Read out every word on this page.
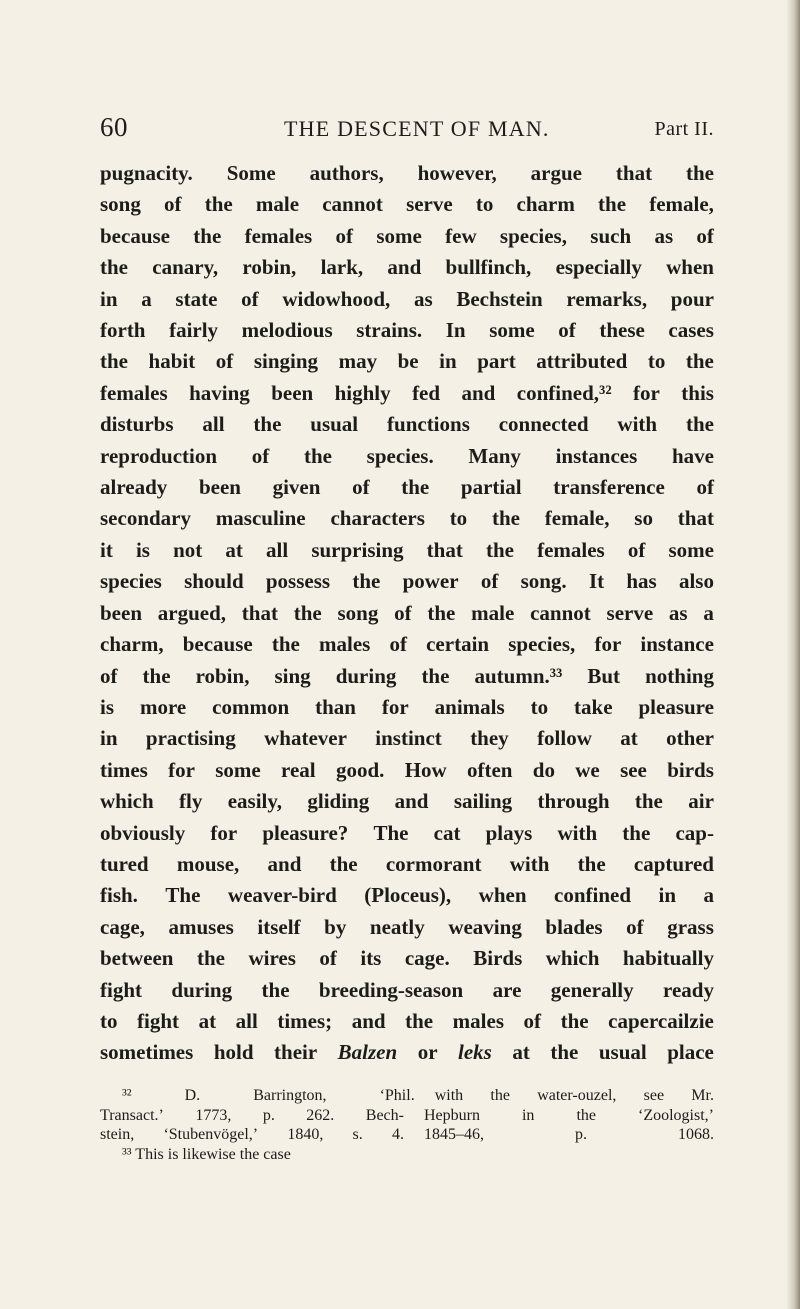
60	THE DESCENT OF MAN.	Part II.
pugnacity. Some authors, however, argue that the
song of the male cannot serve to charm the female,
because the females of some few species, such as of
the canary, robin, lark, and bullfinch, especially when
in a state of widowhood, as Bechstein remarks, pour
forth fairly melodious strains. In some of these cases
the habit of singing may be in part attributed to the
females having been highly fed and confined,³² for this
disturbs all the usual functions connected with the
reproduction of the species. Many instances have
already been given of the partial transference of
secondary masculine characters to the female, so that
it is not at all surprising that the females of some
species should possess the power of song. It has also
been argued, that the song of the male cannot serve as a
charm, because the males of certain species, for instance
of the robin, sing during the autumn.³³ But nothing
is more common than for animals to take pleasure
in practising whatever instinct they follow at other
times for some real good. How often do we see birds
which fly easily, gliding and sailing through the air
obviously for pleasure? The cat plays with the cap-
tured mouse, and the cormorant with the captured
fish. The weaver-bird (Ploceus), when confined in a
cage, amuses itself by neatly weaving blades of grass
between the wires of its cage. Birds which habitually
fight during the breeding-season are generally ready
to fight at all times; and the males of the capercailzie
sometimes hold their Balzen or leks at the usual place
³²	D.	Barrington,	‘Phil. with the water-ouzel, see Mr.
Transact.’ 1773, p. 262. Bech- Hepburn	in	the	‘Zoologist,’
stein, ‘Stubenvögel,’ 1840, s. 4. 1845–46,	p.	1068.
³³ This is likewise the case
